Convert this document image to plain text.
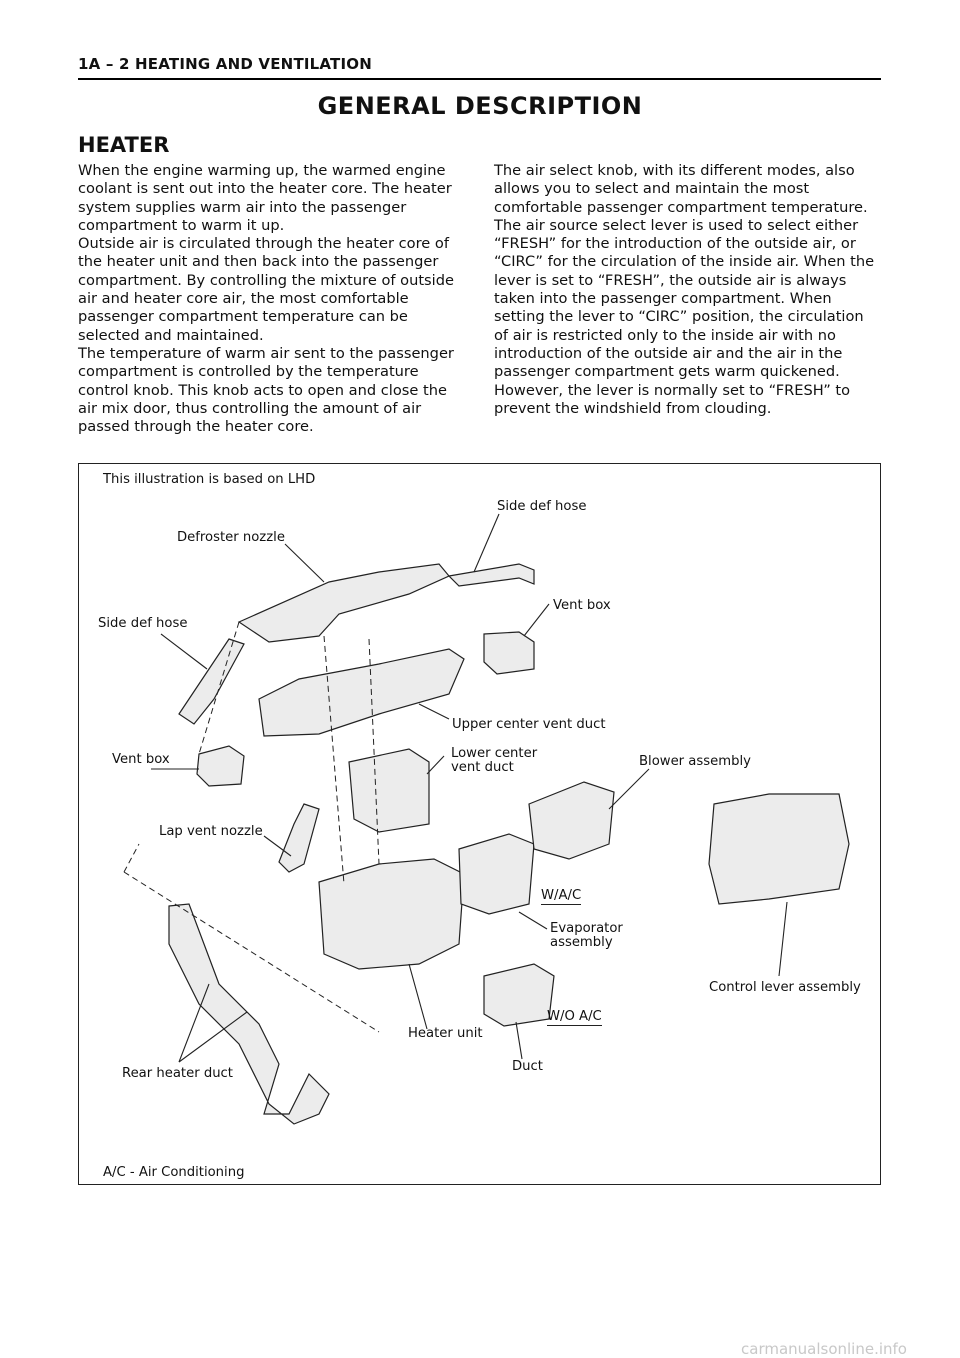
1A – 2 HEATING AND VENTILATION
GENERAL DESCRIPTION
HEATER

When the engine warming up, the warmed engine coolant is sent out into the heater core. The heater system supplies warm air into the passenger compartment to warm it up.

Outside air is circulated through the heater core of the heater unit and then back into the passenger compartment. By controlling the mixture of outside air and heater core air, the most comfortable passenger compartment temperature can be selected and maintained.

The temperature of warm air sent to the passenger compartment is controlled by the temperature control knob. This knob acts to open and close the air mix door, thus controlling the amount of air passed through the heater core.

The air select knob, with its different modes, also allows you to select and maintain the most comfortable passenger compartment temperature.

The air source select lever is used to select either “FRESH” for the introduction of the outside air, or “CIRC” for the circulation of the inside air. When the lever is set to “FRESH”, the outside air is always taken into the passenger compartment. When setting the lever to “CIRC” position, the circulation of air is restricted only to the inside air with no introduction of the outside air and the air in the passenger compartment gets warm quickened. However, the lever is normally set to “FRESH” to prevent the windshield from clouding.

This illustration is based on LHD
Side def hose
Defroster nozzle
Vent box
Side def hose
Upper center vent duct
Vent box	Lower center
vent duct	Blower assembly
Lap vent nozzle
W/A/C
Evaporator
assembly
Control lever assembly
W/O A/C
Heater unit
Rear heater duct	Duct
A/C - Air Conditioning
carmanualsonline.info
